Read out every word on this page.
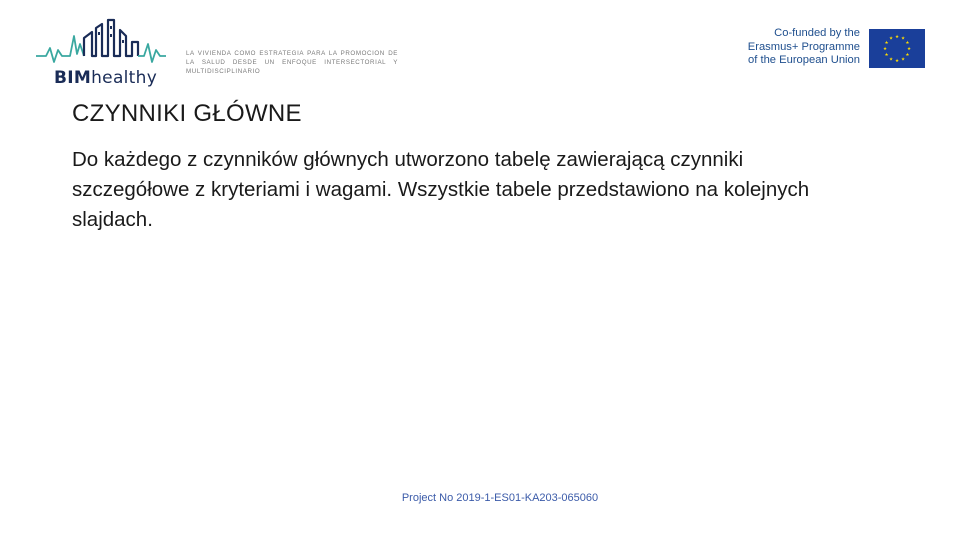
BIMhealthy
LA VIVIENDA COMO ESTRATEGIA PARA LA PROMOCION DE LA SALUD DESDE UN ENFOQUE INTERSECTORIAL Y MULTIDISCIPLINARIO
Co-funded by the
Erasmus+ Programme
of the European Union
★ ★
★
★
★
★
★
★
★
★
★
★
CZYNNIKI GŁÓWNE
Do każdego z czynników głównych utworzono tabelę zawierającą czynniki szczegółowe z kryteriami i wagami. Wszystkie tabele przedstawiono na kolejnych slajdach.
Project No 2019-1-ES01-KA203-065060
